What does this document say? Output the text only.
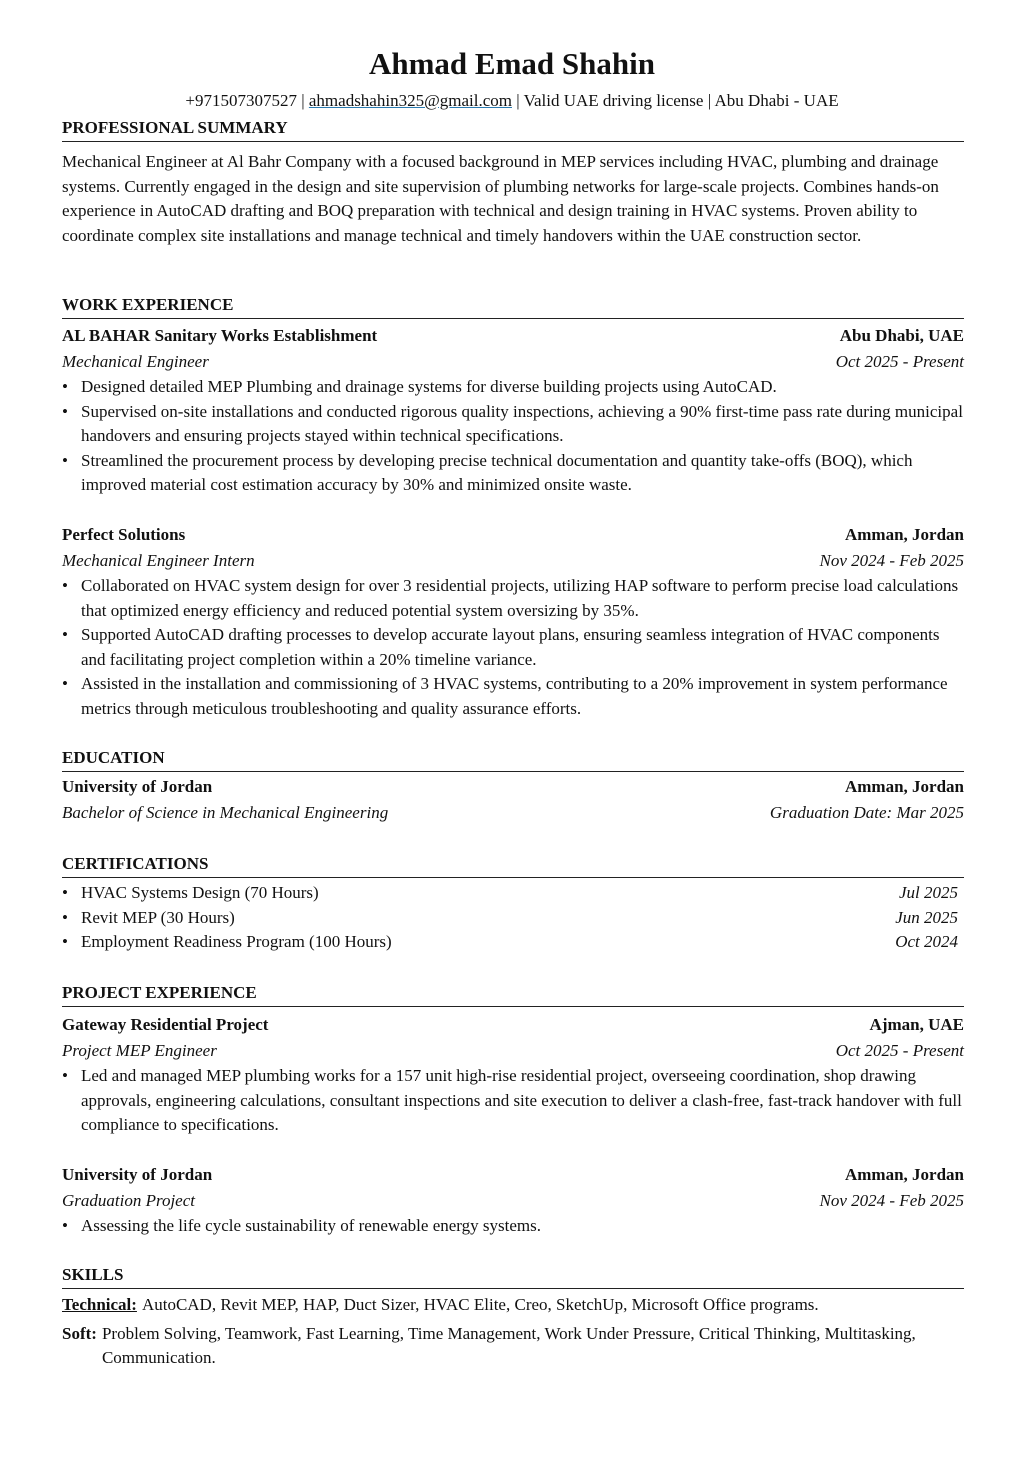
Ahmad Emad Shahin
+971507307527 | ahmadshahin325@gmail.com | Valid UAE driving license | Abu Dhabi - UAE
PROFESSIONAL SUMMARY
Mechanical Engineer at Al Bahr Company with a focused background in MEP services including HVAC, plumbing and drainage systems. Currently engaged in the design and site supervision of plumbing networks for large-scale projects. Combines hands-on experience in AutoCAD drafting and BOQ preparation with technical and design training in HVAC systems. Proven ability to coordinate complex site installations and manage technical and timely handovers within the UAE construction sector.
WORK EXPERIENCE
AL BAHAR Sanitary Works Establishment	Abu Dhabi, UAE
Mechanical Engineer	Oct 2025 - Present
• Designed detailed MEP Plumbing and drainage systems for diverse building projects using AutoCAD.
• Supervised on-site installations and conducted rigorous quality inspections, achieving a 90% first-time pass rate during municipal handovers and ensuring projects stayed within technical specifications.
• Streamlined the procurement process by developing precise technical documentation and quantity take-offs (BOQ), which improved material cost estimation accuracy by 30% and minimized onsite waste.
Perfect Solutions	Amman, Jordan
Mechanical Engineer Intern	Nov 2024 - Feb 2025
• Collaborated on HVAC system design for over 3 residential projects, utilizing HAP software to perform precise load calculations that optimized energy efficiency and reduced potential system oversizing by 35%.
• Supported AutoCAD drafting processes to develop accurate layout plans, ensuring seamless integration of HVAC components and facilitating project completion within a 20% timeline variance.
• Assisted in the installation and commissioning of 3 HVAC systems, contributing to a 20% improvement in system performance metrics through meticulous troubleshooting and quality assurance efforts.
EDUCATION
University of Jordan	Amman, Jordan
Bachelor of Science in Mechanical Engineering	Graduation Date: Mar 2025
CERTIFICATIONS
• HVAC Systems Design (70 Hours)	Jul 2025
• Revit MEP (30 Hours)	Jun 2025
• Employment Readiness Program (100 Hours)	Oct 2024
PROJECT EXPERIENCE
Gateway Residential Project	Ajman, UAE
Project MEP Engineer	Oct 2025 - Present
• Led and managed MEP plumbing works for a 157 unit high-rise residential project, overseeing coordination, shop drawing approvals, engineering calculations, consultant inspections and site execution to deliver a clash-free, fast-track handover with full compliance to specifications.
University of Jordan	Amman, Jordan
Graduation Project	Nov 2024 - Feb 2025
• Assessing the life cycle sustainability of renewable energy systems.
SKILLS
Technical: AutoCAD, Revit MEP, HAP, Duct Sizer, HVAC Elite, Creo, SketchUp, Microsoft Office programs.
Soft: Problem Solving, Teamwork, Fast Learning, Time Management, Work Under Pressure, Critical Thinking, Multitasking, Communication.
